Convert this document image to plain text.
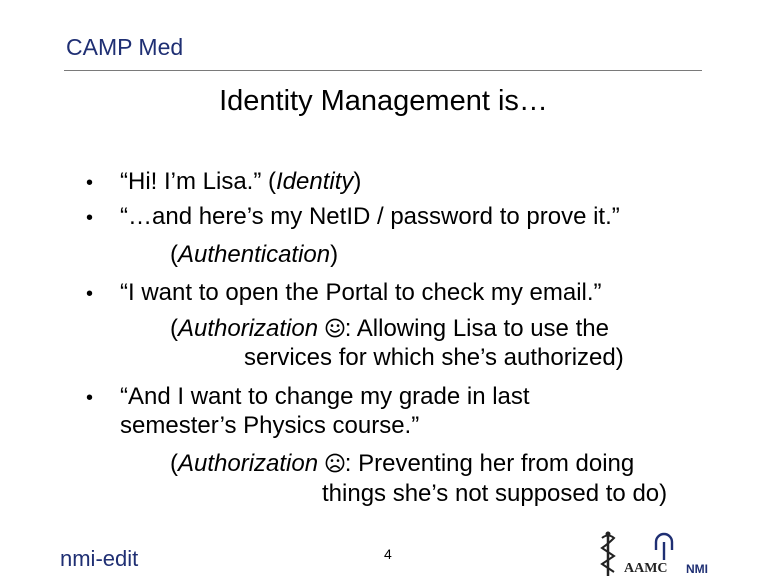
CAMP Med
Identity Management is…
• “Hi! I’m Lisa.” (Identity)
• “…and here’s my NetID / password to prove it.”
(Authentication)
• “I want to open the Portal to check my email.”
(Authorization : Allowing Lisa to use the
services for which she’s authorized)
• “And I want to change my grade in last
semester’s Physics course.”
(Authorization : Preventing her from doing
things she’s not supposed to do)
nmi-edit	4
AAMC NMI
